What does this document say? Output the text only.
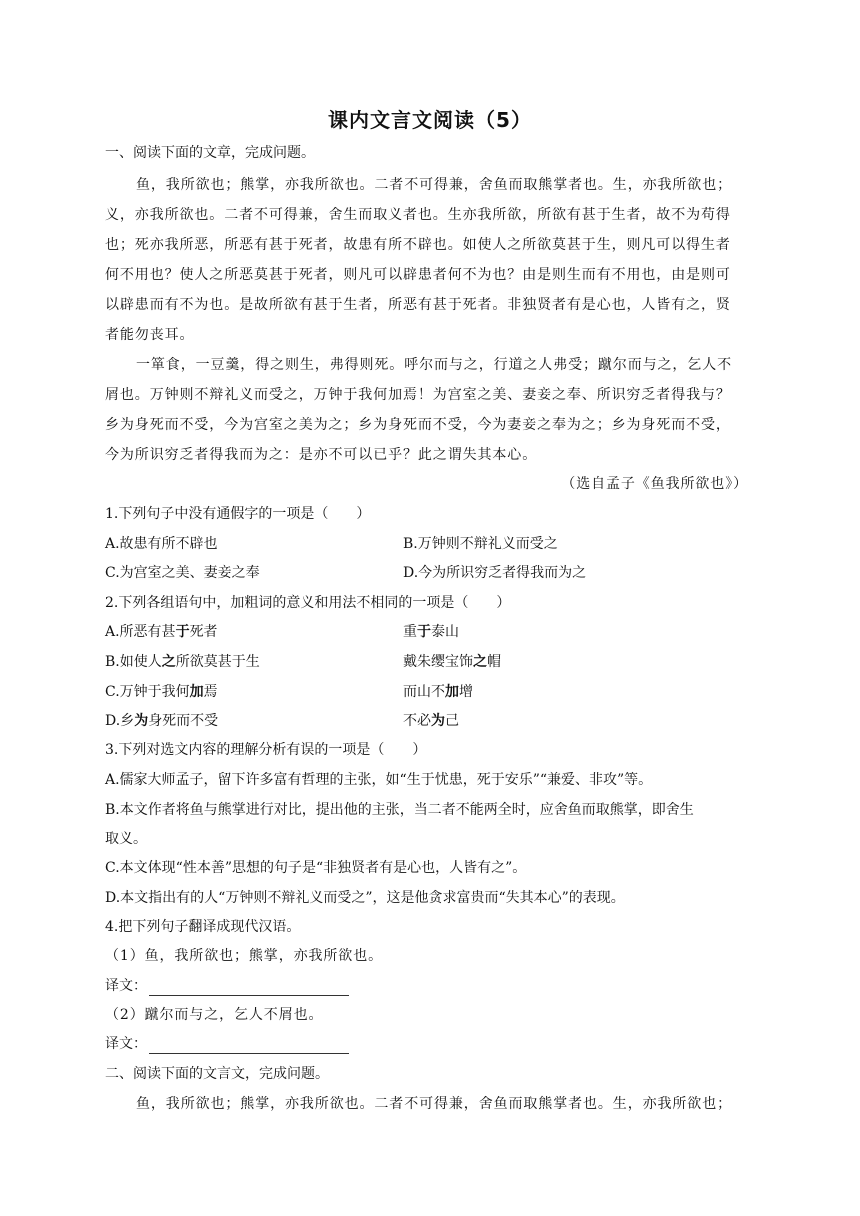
课内文言文阅读（5）
一、阅读下面的文章，完成问题。
鱼，我所欲也；熊掌，亦我所欲也。二者不可得兼，舍鱼而取熊掌者也。生，亦我所欲也；
义，亦我所欲也。二者不可得兼，舍生而取义者也。生亦我所欲，所欲有甚于生者，故不为苟得
也；死亦我所恶，所恶有甚于死者，故患有所不辟也。如使人之所欲莫甚于生，则凡可以得生者
何不用也？使人之所恶莫甚于死者，则凡可以辟患者何不为也？由是则生而有不用也，由是则可
以辟患而有不为也。是故所欲有甚于生者，所恶有甚于死者。非独贤者有是心也，人皆有之，贤
者能勿丧耳。
一箪食，一豆羹，得之则生，弗得则死。呼尔而与之，行道之人弗受；蹴尔而与之，乞人不
屑也。万钟则不辩礼义而受之，万钟于我何加焉！为宫室之美、妻妾之奉、所识穷乏者得我与？
乡为身死而不受，今为宫室之美为之；乡为身死而不受，今为妻妾之奉为之；乡为身死而不受，
今为所识穷乏者得我而为之：是亦不可以已乎？此之谓失其本心。
（选自孟子《鱼我所欲也》）
1.下列句子中没有通假字的一项是（　　）
A.故患有所不辟也	B.万钟则不辩礼义而受之
C.为宫室之美、妻妾之奉	D.今为所识穷乏者得我而为之
2.下列各组语句中，加粗词的意义和用法不相同的一项是（　　）
A.所恶有甚于死者	重于泰山
B.如使人之所欲莫甚于生	戴朱缨宝饰之帽
C.万钟于我何加焉	而山不加增
D.乡为身死而不受	不必为己
3.下列对选文内容的理解分析有误的一项是（　　）
A.儒家大师孟子，留下许多富有哲理的主张，如“生于忧患，死于安乐”“兼爱、非攻”等。
B.本文作者将鱼与熊掌进行对比，提出他的主张，当二者不能两全时，应舍鱼而取熊掌，即舍生
取义。
C.本文体现“性本善”思想的句子是“非独贤者有是心也，人皆有之”。
D.本文指出有的人“万钟则不辩礼义而受之”，这是他贪求富贵而“失其本心”的表现。
4.把下列句子翻译成现代汉语。
（1）鱼，我所欲也；熊掌，亦我所欲也。
译文：
（2）蹴尔而与之，乞人不屑也。
译文：
二、阅读下面的文言文，完成问题。
鱼，我所欲也；熊掌，亦我所欲也。二者不可得兼，舍鱼而取熊掌者也。生，亦我所欲也；
